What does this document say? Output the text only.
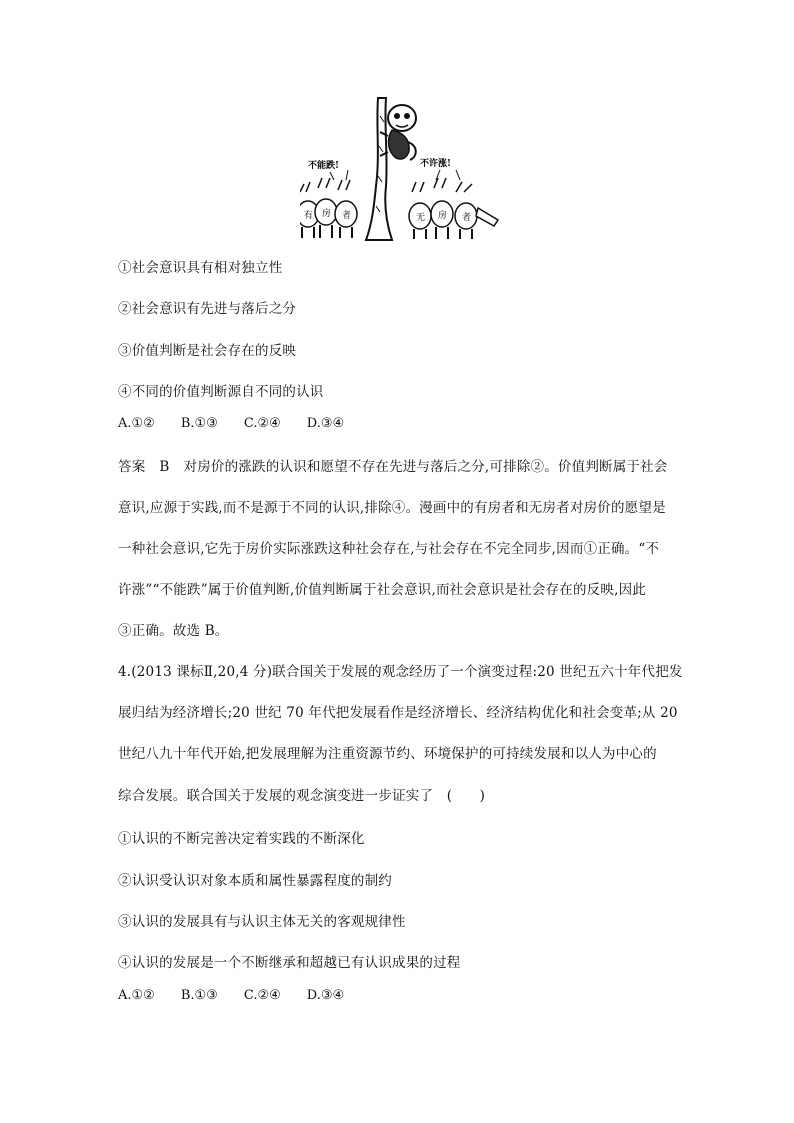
不能跌!	不许涨!
有 房 者	无 房 者
①社会意识具有相对独立性
②社会意识有先进与落后之分
③价值判断是社会存在的反映
④不同的价值判断源自不同的认识
A.①② B.①③ C.②④ D.③④
答案 B 对房价的涨跌的认识和愿望不存在先进与落后之分,可排除②。价值判断属于社会
意识,应源于实践,而不是源于不同的认识,排除④。漫画中的有房者和无房者对房价的愿望是
一种社会意识,它先于房价实际涨跌这种社会存在,与社会存在不完全同步,因而①正确。“不
许涨”“不能跌”属于价值判断,价值判断属于社会意识,而社会意识是社会存在的反映,因此
③正确。故选 B。
4.(2013 课标Ⅱ,20,4 分)联合国关于发展的观念经历了一个演变过程:20 世纪五六十年代把发
展归结为经济增长;20 世纪 70 年代把发展看作是经济增长、经济结构优化和社会变革;从 20
世纪八九十年代开始,把发展理解为注重资源节约、环境保护的可持续发展和以人为中心的
综合发展。联合国关于发展的观念演变进一步证实了　(　　)
①认识的不断完善决定着实践的不断深化
②认识受认识对象本质和属性暴露程度的制约
③认识的发展具有与认识主体无关的客观规律性
④认识的发展是一个不断继承和超越已有认识成果的过程
A.①② B.①③ C.②④ D.③④
